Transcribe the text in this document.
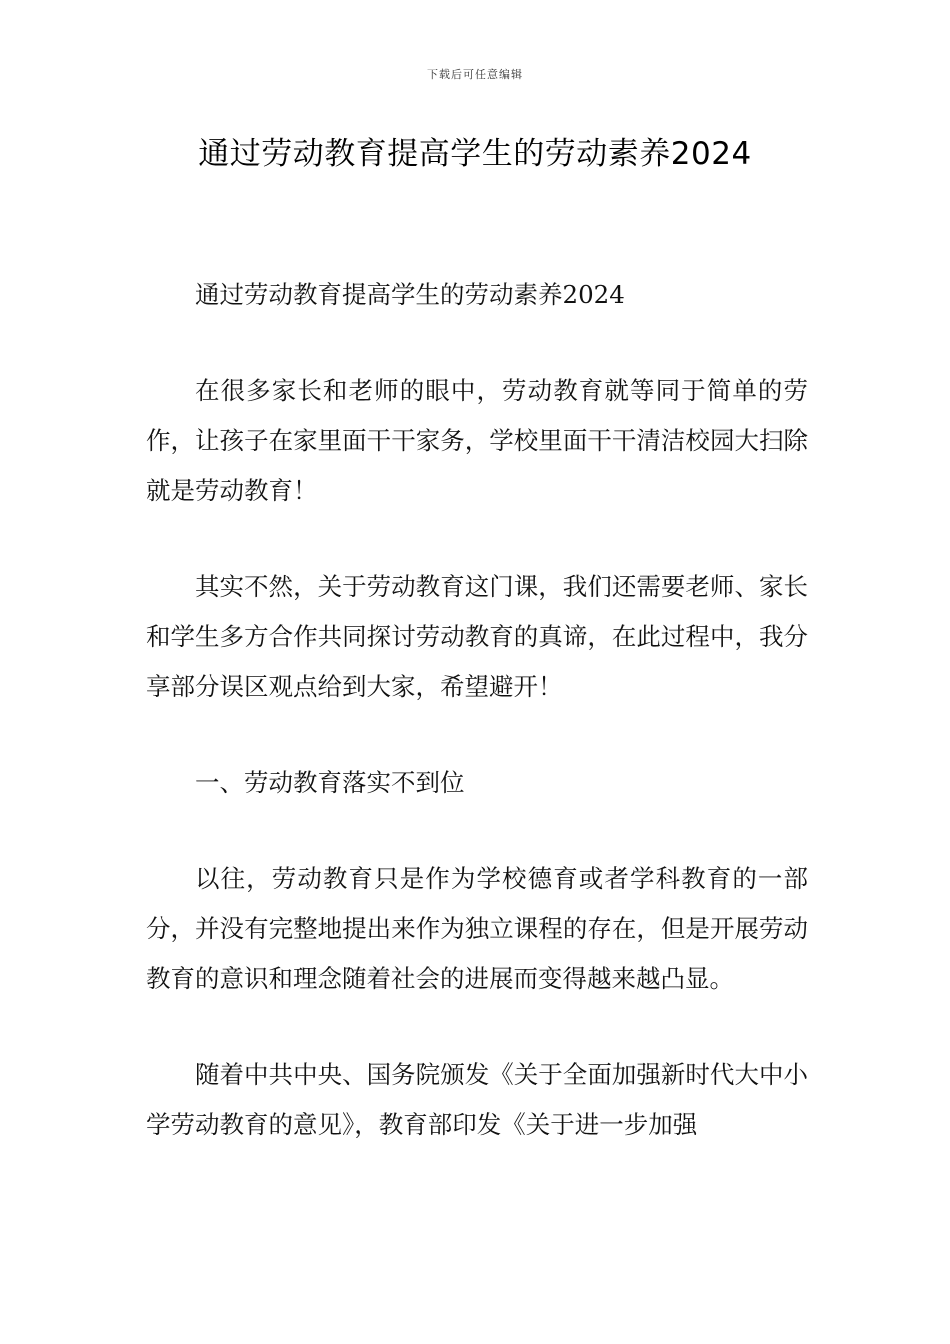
下载后可任意编辑
通过劳动教育提高学生的劳动素养2024

通过劳动教育提高学生的劳动素养2024

在很多家长和老师的眼中，劳动教育就等同于简单的劳作，让孩子在家里面干干家务，学校里面干干清洁校园大扫除就是劳动教育！

其实不然，关于劳动教育这门课，我们还需要老师、家长和学生多方合作共同探讨劳动教育的真谛，在此过程中，我分享部分误区观点给到大家，希望避开！

一、劳动教育落实不到位

以往，劳动教育只是作为学校德育或者学科教育的一部分，并没有完整地提出来作为独立课程的存在，但是开展劳动教育的意识和理念随着社会的进展而变得越来越凸显。

随着中共中央、国务院颁发《关于全面加强新时代大中小学劳动教育的意见》，教育部印发《关于进一步加强
